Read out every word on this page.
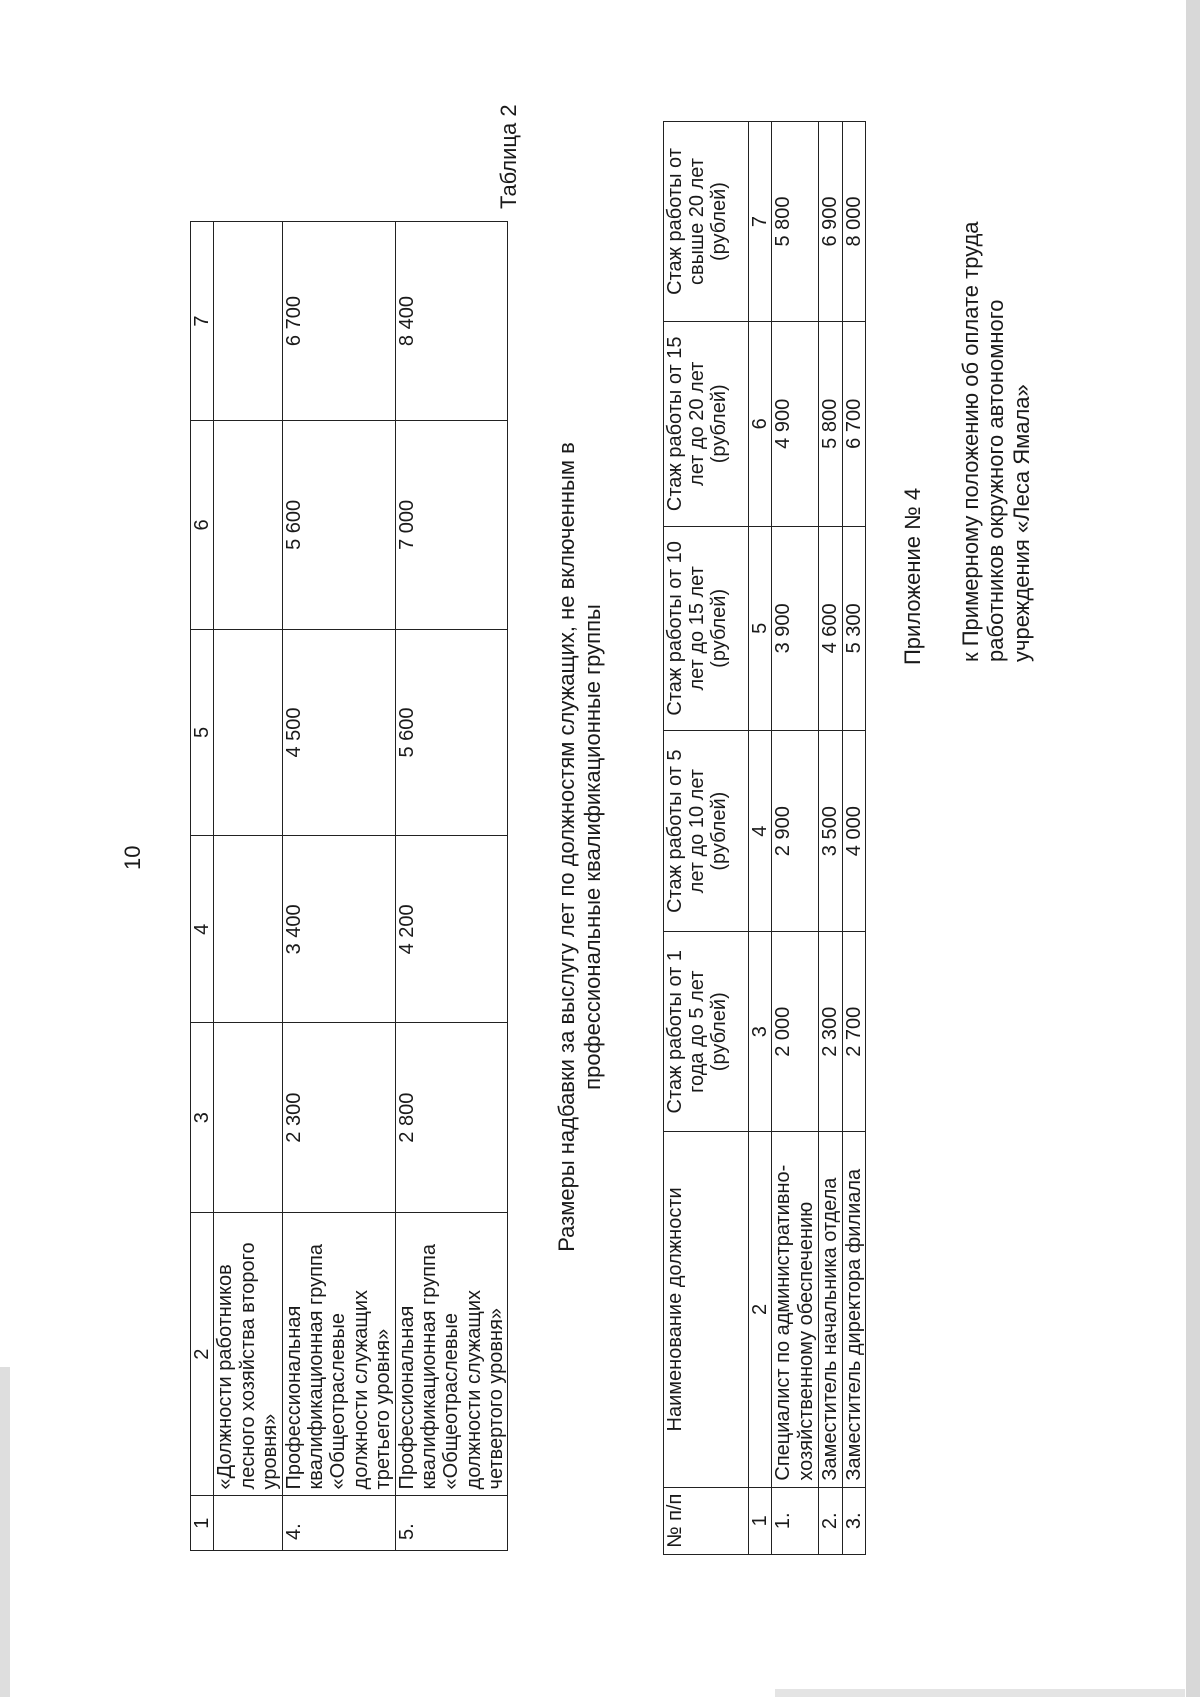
10
1	2	3	4	5	6	7
	«Должности работников лесного хозяйства второго уровня»					
4.	Профессиональная квалификационная группа «Общеотраслевые должности служащих третьего уровня»	2 300	3 400	4 500	5 600	6 700
5.	Профессиональная квалификационная группа «Общеотраслевые должности служащих четвертого уровня»	2 800	4 200	5 600	7 000	8 400
Таблица 2
Размеры надбавки за выслугу лет по должностям служащих, не включенным в профессиональные квалификационные группы
№ п/п	Наименование должности	Стаж работы от 1 года до 5 лет (рублей)	Стаж работы от 5 лет до 10 лет (рублей)	Стаж работы от 10 лет до 15 лет (рублей)	Стаж работы от 15 лет до 20 лет (рублей)	Стаж работы от свыше 20 лет (рублей)
1	2	3	4	5	6	7
1.	Специалист по административно-хозяйственному обеспечению	2 000	2 900	3 900	4 900	5 800
2.	Заместитель начальника отдела	2 300	3 500	4 600	5 800	6 900
3.	Заместитель директора филиала	2 700	4 000	5 300	6 700	8 000
Приложение № 4 к Примерному положению об оплате труда работников окружного автономного учреждения «Леса Ямала»
